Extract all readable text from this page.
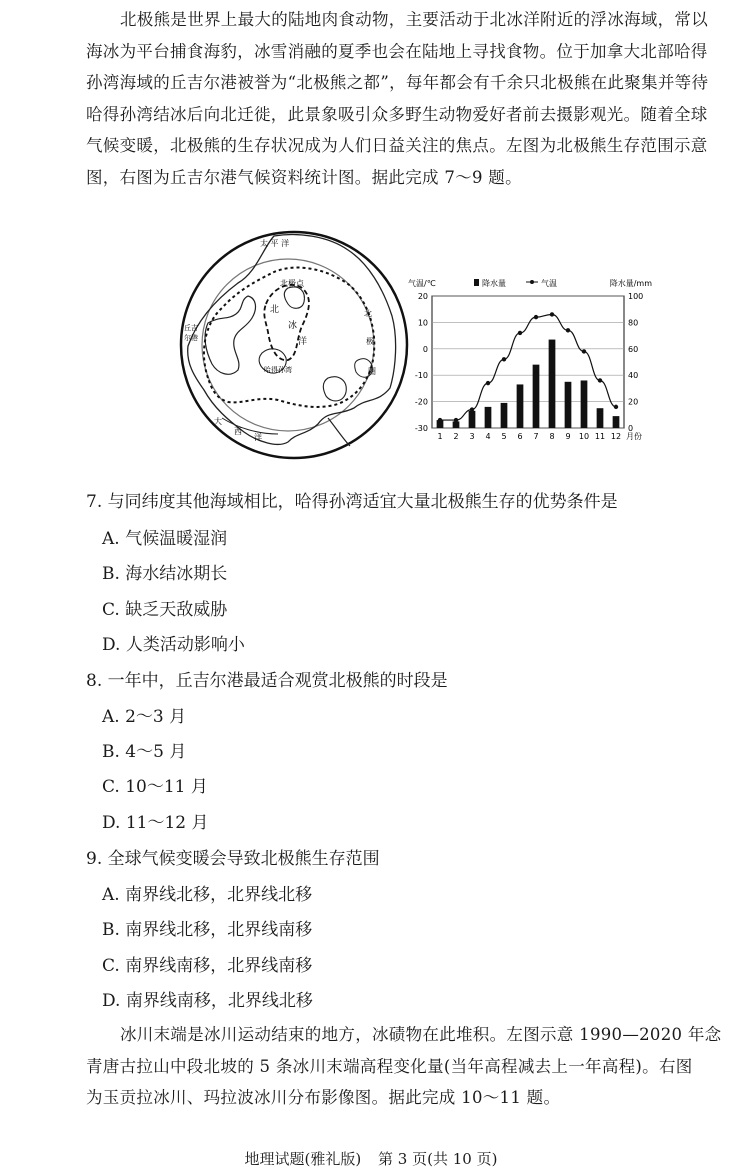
北极熊是世界上最大的陆地肉食动物，主要活动于北冰洋附近的浮冰海域，常以
海冰为平台捕食海豹，冰雪消融的夏季也会在陆地上寻找食物。位于加拿大北部哈得
孙湾海域的丘吉尔港被誉为“北极熊之都”，每年都会有千余只北极熊在此聚集并等待
哈得孙湾结冰后向北迁徙，此景象吸引众多野生动物爱好者前去摄影观光。随着全球
气候变暖，北极熊的生存状况成为人们日益关注的焦点。左图为北极熊生存范围示意
图，右图为丘吉尔港气候资料统计图。据此完成 7～9 题。
太 平 洋
北极点
北
冰
洋
北
极
圈
哈得孙湾
丘吉
尔港
大
西
洋
20
10
0
-10
-20
-30
100
80
60
40
20
0
气温/℃	降水量/mm
降水量	气温
1 2 3 4 5 6 7 8 9 10 11 12 月份
7. 与同纬度其他海域相比，哈得孙湾适宜大量北极熊生存的优势条件是
A. 气候温暖湿润
B. 海水结冰期长
C. 缺乏天敌威胁
D. 人类活动影响小
8. 一年中，丘吉尔港最适合观赏北极熊的时段是
A. 2～3 月
B. 4～5 月
C. 10～11 月
D. 11～12 月
9. 全球气候变暖会导致北极熊生存范围
A. 南界线北移，北界线北移
B. 南界线北移，北界线南移
C. 南界线南移，北界线南移
D. 南界线南移，北界线北移
冰川末端是冰川运动结束的地方，冰碛物在此堆积。左图示意 1990—2020 年念
青唐古拉山中段北坡的 5 条冰川末端高程变化量(当年高程减去上一年高程)。右图
为玉贡拉冰川、玛拉波冰川分布影像图。据此完成 10～11 题。
地理试题(雅礼版) 第 3 页(共 10 页)
